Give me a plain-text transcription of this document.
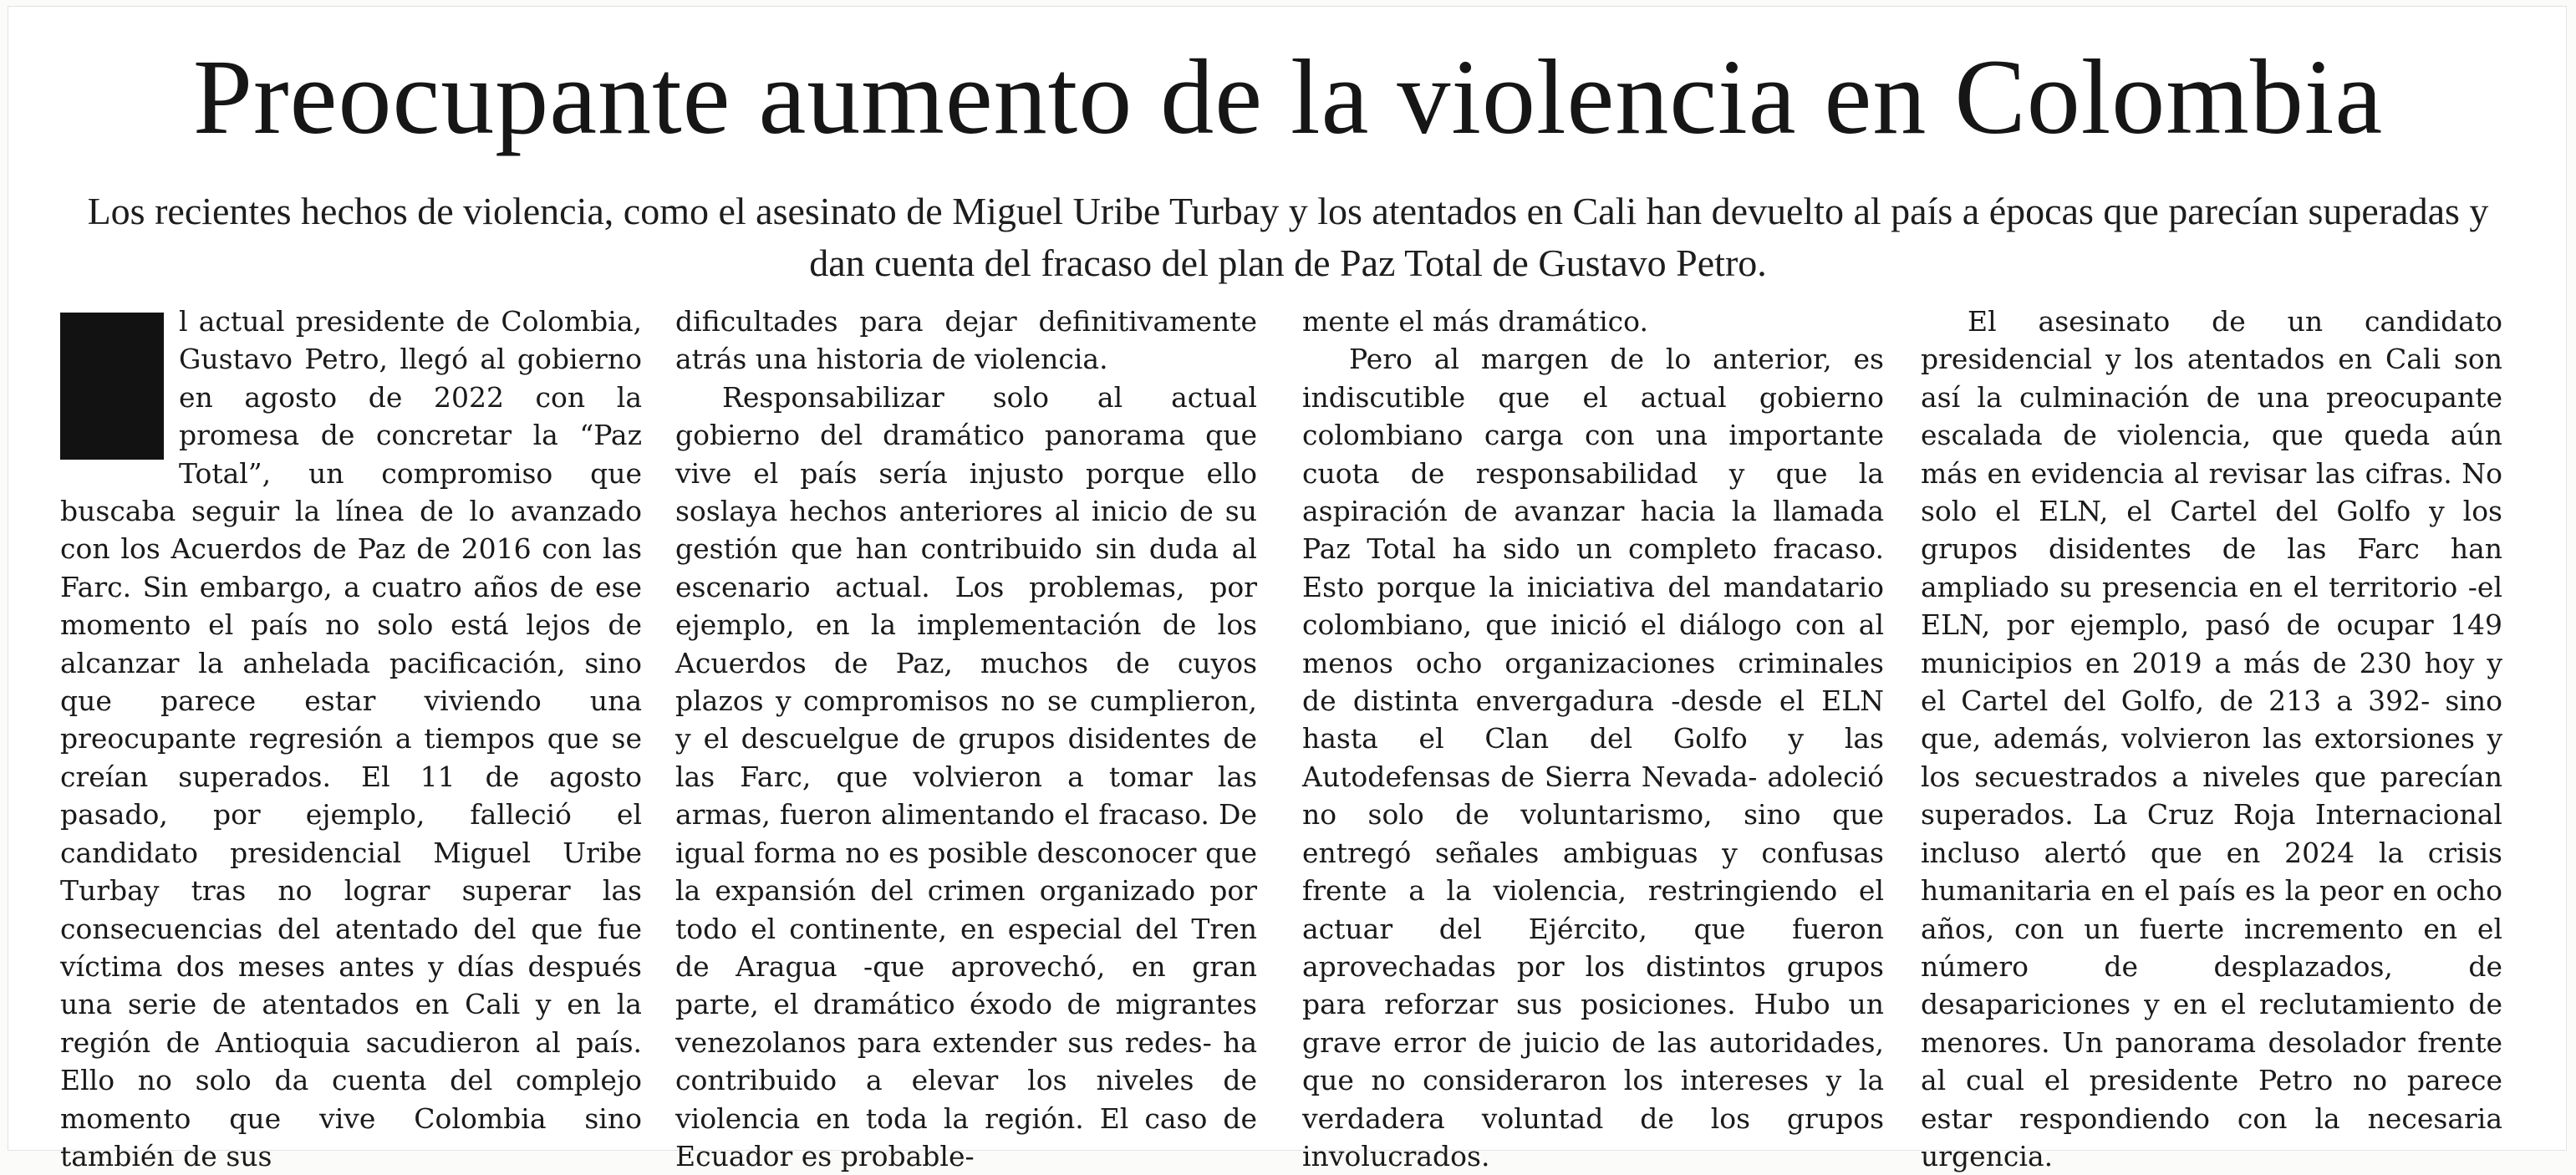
Preocupante aumento de la violencia en Colombia

Los recientes hechos de violencia, como el asesinato de Miguel Uribe Turbay y los atentados en Cali han devuelto al país a épocas que parecían superadas y dan cuenta del fracaso del plan de Paz Total de Gustavo Petro.

l actual presidente de Colombia, Gustavo Petro, llegó al gobierno en agosto de 2022 con la promesa de concretar la “Paz Total”, un compromiso que buscaba seguir la línea de lo avanzado con los Acuerdos de Paz de 2016 con las Farc. Sin embargo, a cuatro años de ese momento el país no solo está lejos de alcanzar la anhelada pacificación, sino que parece estar viviendo una preocupante regresión a tiempos que se creían superados. El 11 de agosto pasado, por ejemplo, falleció el candidato presidencial Miguel Uribe Turbay tras no lograr superar las consecuencias del atentado del que fue víctima dos meses antes y días después una serie de atentados en Cali y en la región de Antioquia sacudieron al país. Ello no solo da cuenta del complejo momento que vive Colombia sino también de sus

dificultades para dejar definitivamente atrás una historia de violencia.

Responsabilizar solo al actual gobierno del dramático panorama que vive el país sería injusto porque ello soslaya hechos anteriores al inicio de su gestión que han contribuido sin duda al escenario actual. Los problemas, por ejemplo, en la implementación de los Acuerdos de Paz, muchos de cuyos plazos y compromisos no se cumplieron, y el descuelgue de grupos disidentes de las Farc, que volvieron a tomar las armas, fueron alimentando el fracaso. De igual forma no es posible desconocer que la expansión del crimen organizado por todo el continente, en especial del Tren de Aragua -que aprovechó, en gran parte, el dramático éxodo de migrantes venezolanos para extender sus redes- ha contribuido a elevar los niveles de violencia en toda la región. El caso de Ecuador es probable-

mente el más dramático.

Pero al margen de lo anterior, es indiscutible que el actual gobierno colombiano carga con una importante cuota de responsabilidad y que la aspiración de avanzar hacia la llamada Paz Total ha sido un completo fracaso. Esto porque la iniciativa del mandatario colombiano, que inició el diálogo con al menos ocho organizaciones criminales de distinta envergadura -desde el ELN hasta el Clan del Golfo y las Autodefensas de Sierra Nevada- adoleció no solo de voluntarismo, sino que entregó señales ambiguas y confusas frente a la violencia, restringiendo el actuar del Ejército, que fueron aprovechadas por los distintos grupos para reforzar sus posiciones. Hubo un grave error de juicio de las autoridades, que no consideraron los intereses y la verdadera voluntad de los grupos involucrados.

El asesinato de un candidato presidencial y los atentados en Cali son así la culminación de una preocupante escalada de violencia, que queda aún más en evidencia al revisar las cifras. No solo el ELN, el Cartel del Golfo y los grupos disidentes de las Farc han ampliado su presencia en el territorio -el ELN, por ejemplo, pasó de ocupar 149 municipios en 2019 a más de 230 hoy y el Cartel del Golfo, de 213 a 392- sino que, además, volvieron las extorsiones y los secuestrados a niveles que parecían superados. La Cruz Roja Internacional incluso alertó que en 2024 la crisis humanitaria en el país es la peor en ocho años, con un fuerte incremento en el número de desplazados, de desapariciones y en el reclutamiento de menores. Un panorama desolador frente al cual el presidente Petro no parece estar respondiendo con la necesaria urgencia.
